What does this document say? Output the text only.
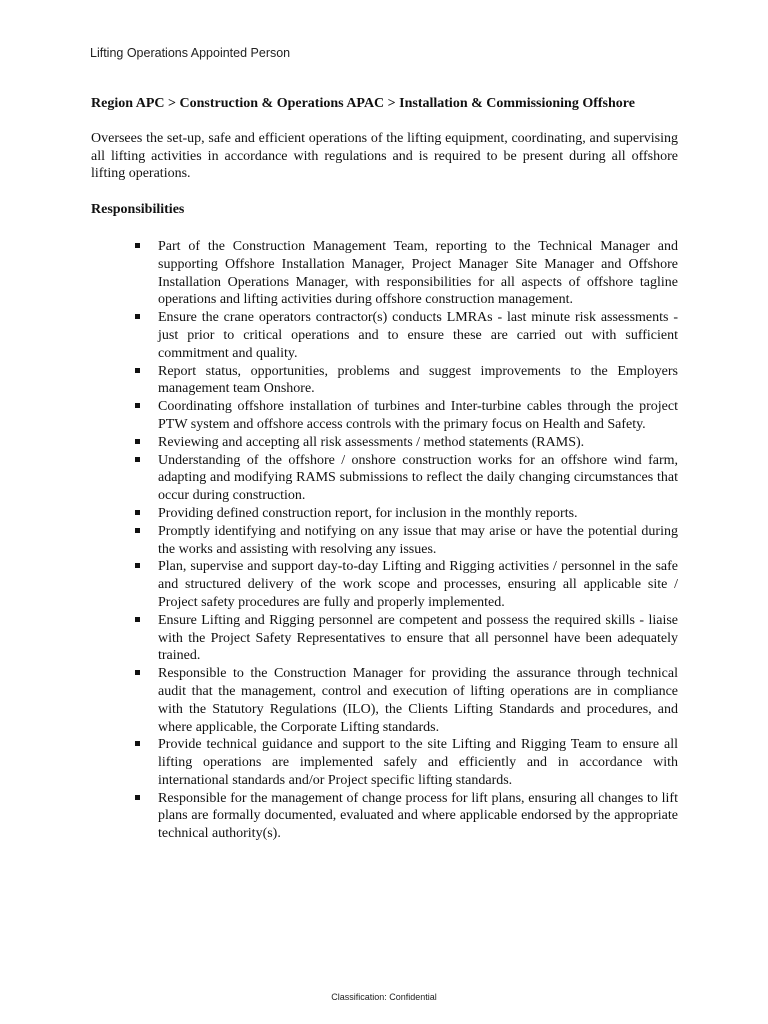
Lifting Operations Appointed Person

Region APC > Construction & Operations APAC > Installation & Commissioning Offshore

Oversees the set-up, safe and efficient operations of the lifting equipment, coordinating, and supervising all lifting activities in accordance with regulations and is required to be present during all offshore lifting operations.

Responsibilities

Part of the Construction Management Team, reporting to the Technical Manager and supporting Offshore Installation Manager, Project Manager Site Manager and Offshore Installation Operations Manager, with responsibilities for all aspects of offshore tagline operations and lifting activities during offshore construction management.
Ensure the crane operators contractor(s) conducts LMRAs - last minute risk assessments - just prior to critical operations and to ensure these are carried out with sufficient commitment and quality.
Report status, opportunities, problems and suggest improvements to the Employers management team Onshore.
Coordinating offshore installation of turbines and Inter-turbine cables through the project PTW system and offshore access controls with the primary focus on Health and Safety.
Reviewing and accepting all risk assessments / method statements (RAMS).
Understanding of the offshore / onshore construction works for an offshore wind farm, adapting and modifying RAMS submissions to reflect the daily changing circumstances that occur during construction.
Providing defined construction report, for inclusion in the monthly reports.
Promptly identifying and notifying on any issue that may arise or have the potential during the works and assisting with resolving any issues.
Plan, supervise and support day-to-day Lifting and Rigging activities / personnel in the safe and structured delivery of the work scope and processes, ensuring all applicable site / Project safety procedures are fully and properly implemented.
Ensure Lifting and Rigging personnel are competent and possess the required skills - liaise with the Project Safety Representatives to ensure that all personnel have been adequately trained.
Responsible to the Construction Manager for providing the assurance through technical audit that the management, control and execution of lifting operations are in compliance with the Statutory Regulations (ILO), the Clients Lifting Standards and procedures, and where applicable, the Corporate Lifting standards.
Provide technical guidance and support to the site Lifting and Rigging Team to ensure all lifting operations are implemented safely and efficiently and in accordance with international standards and/or Project specific lifting standards.
Responsible for the management of change process for lift plans, ensuring all changes to lift plans are formally documented, evaluated and where applicable endorsed by the appropriate technical authority(s).
Classification: Confidential
